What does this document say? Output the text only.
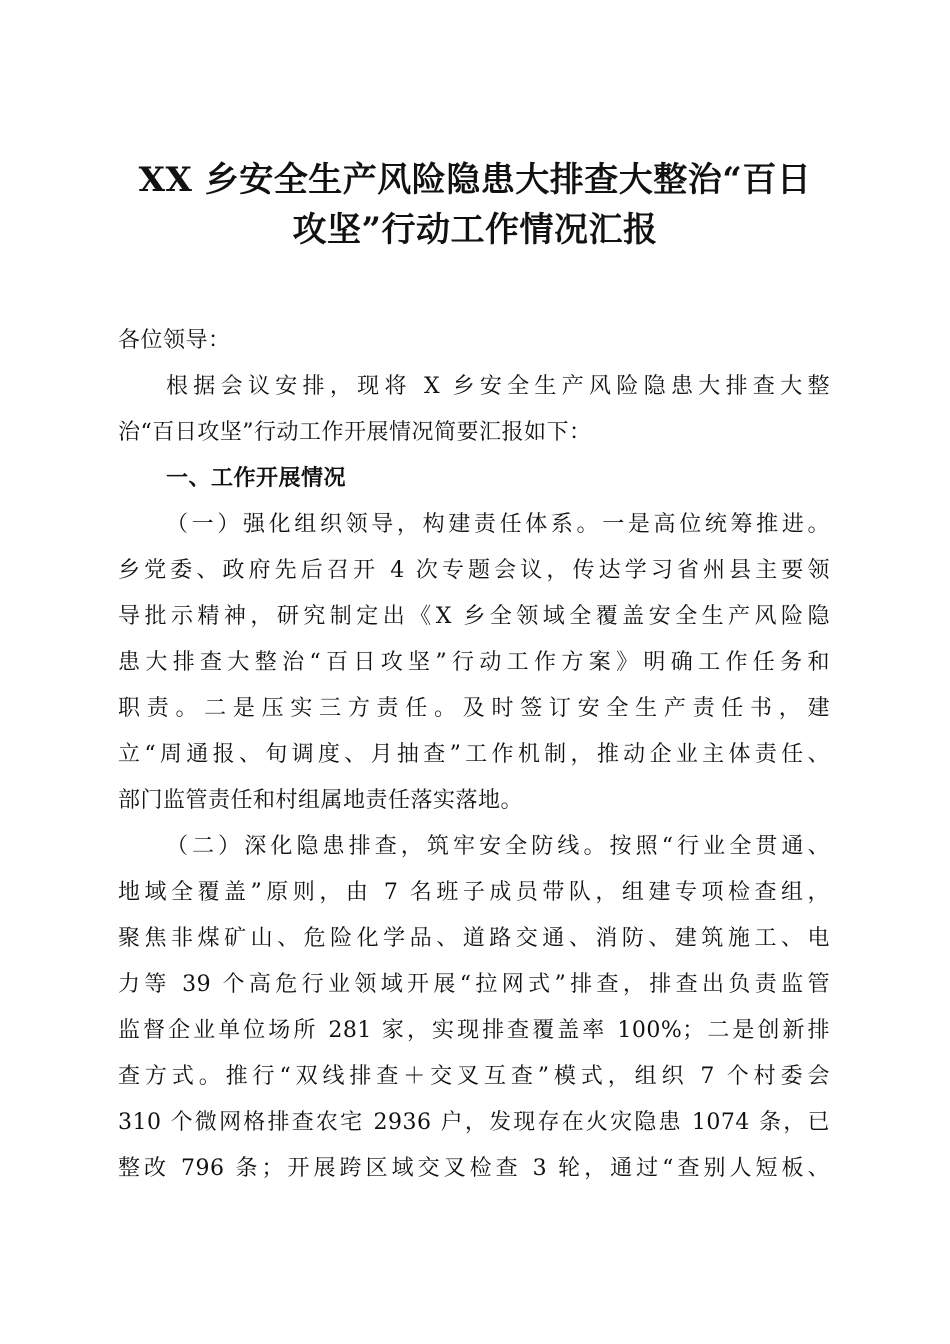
XX 乡安全生产风险隐患大排查大整治“百日
攻坚”行动工作情况汇报
各位领导：
根据会议安排，现将 X 乡安全生产风险隐患大排查大整
治“百日攻坚”行动工作开展情况简要汇报如下：
一、工作开展情况
（一）强化组织领导，构建责任体系。一是高位统筹推进。
乡党委、政府先后召开 4 次专题会议，传达学习省州县主要领
导批示精神，研究制定出《X 乡全领域全覆盖安全生产风险隐
患大排查大整治“百日攻坚”行动工作方案》明确工作任务和
职责。二是压实三方责任。及时签订安全生产责任书，建
立“周通报、旬调度、月抽查”工作机制，推动企业主体责任、
部门监管责任和村组属地责任落实落地。
（二）深化隐患排查，筑牢安全防线。按照“行业全贯通、
地域全覆盖”原则，由 7 名班子成员带队，组建专项检查组，
聚焦非煤矿山、危险化学品、道路交通、消防、建筑施工、电
力等 39 个高危行业领域开展“拉网式”排查，排查出负责监管
监督企业单位场所 281 家，实现排查覆盖率 100%；二是创新排
查方式。推行“双线排查＋交叉互查”模式，组织 7 个村委会
310 个微网格排查农宅 2936 户，发现存在火灾隐患 1074 条，已
整改 796 条；开展跨区域交叉检查 3 轮，通过“查别人短板、
